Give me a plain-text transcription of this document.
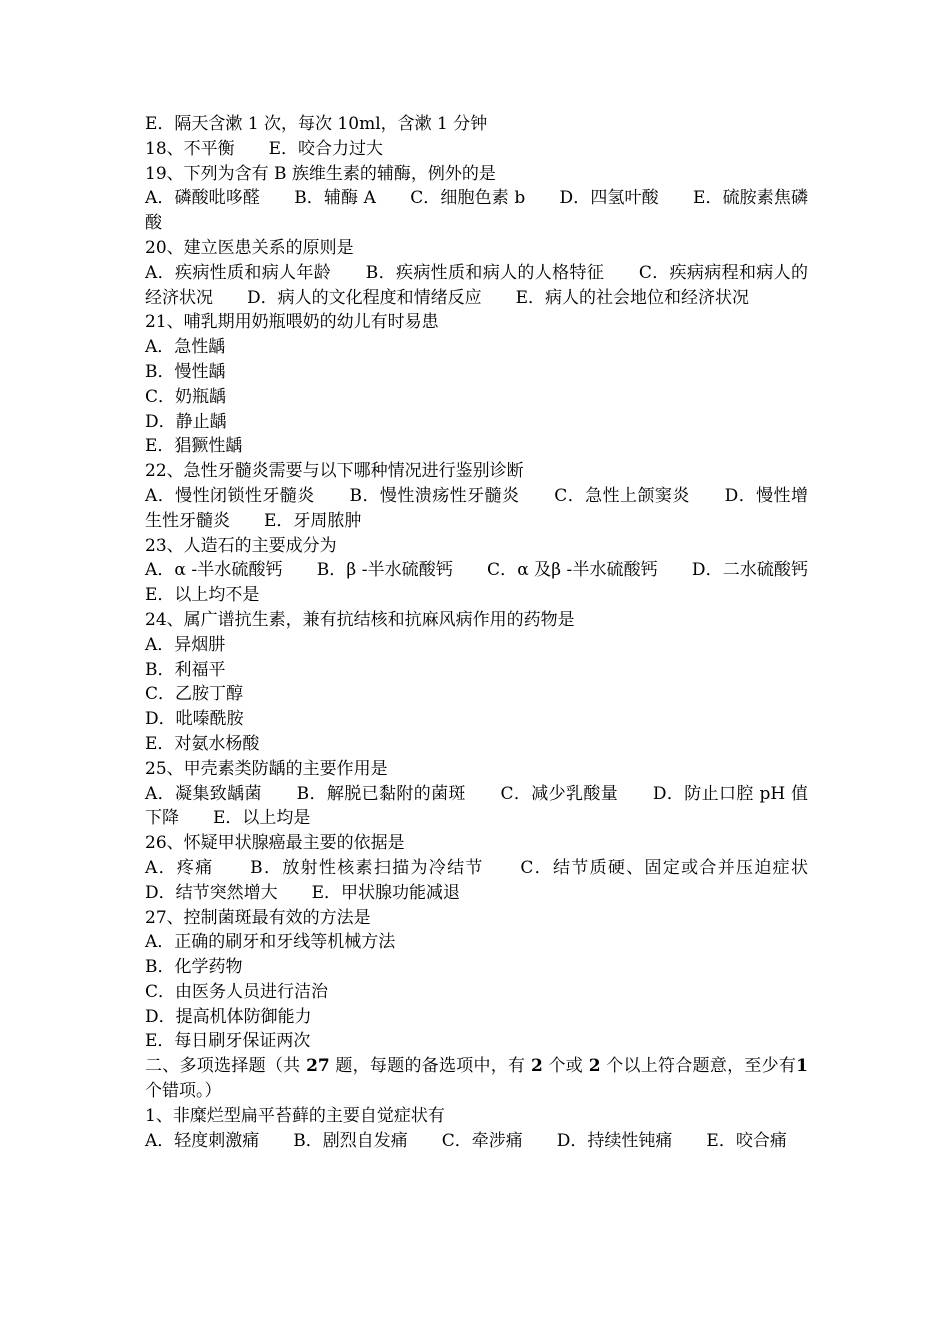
E．隔天含漱 1 次，每次 10ml，含漱 1 分钟

18、不平衡　　E．咬合力过大

19、下列为含有 B 族维生素的辅酶，例外的是

A．磷酸吡哆醛　　B．辅酶 A　　C．细胞色素 b　　D．四氢叶酸　　E．硫胺素焦磷酸

20、建立医患关系的原则是

A．疾病性质和病人年龄　　B．疾病性质和病人的人格特征　　C．疾病病程和病人的经济状况　　D．病人的文化程度和情绪反应　　E．病人的社会地位和经济状况

21、哺乳期用奶瓶喂奶的幼儿有时易患

A．急性龋

B．慢性龋

C．奶瓶龋

D．静止龋

E．猖獗性龋

22、急性牙髓炎需要与以下哪种情况进行鉴别诊断

A．慢性闭锁性牙髓炎　　B．慢性溃疡性牙髓炎　　C．急性上颌窦炎　　D．慢性增生性牙髓炎　　E．牙周脓肿

23、人造石的主要成分为

A．α -半水硫酸钙　　B．β -半水硫酸钙　　C．α 及β -半水硫酸钙　　D．二水硫酸钙　　E．以上均不是

24、属广谱抗生素，兼有抗结核和抗麻风病作用的药物是

A．异烟肼

B．利福平

C．乙胺丁醇

D．吡嗪酰胺

E．对氨水杨酸

25、甲壳素类防龋的主要作用是

A．凝集致龋菌　　B．解脱已黏附的菌斑　　C．减少乳酸量　　D．防止口腔 pH 值下降　　E．以上均是

26、怀疑甲状腺癌最主要的依据是

A．疼痛　　B．放射性核素扫描为冷结节　　C．结节质硬、固定或合并压迫症状　　D．结节突然增大　　E．甲状腺功能减退

27、控制菌斑最有效的方法是

A．正确的刷牙和牙线等机械方法

B．化学药物

C．由医务人员进行洁治

D．提高机体防御能力

E．每日刷牙保证两次

二、多项选择题（共 27 题，每题的备选项中，有 2 个或 2 个以上符合题意，至少有1 个错项。）

1、非糜烂型扁平苔藓的主要自觉症状有

A．轻度刺激痛　　B．剧烈自发痛　　C．牵涉痛　　D．持续性钝痛　　E．咬合痛
